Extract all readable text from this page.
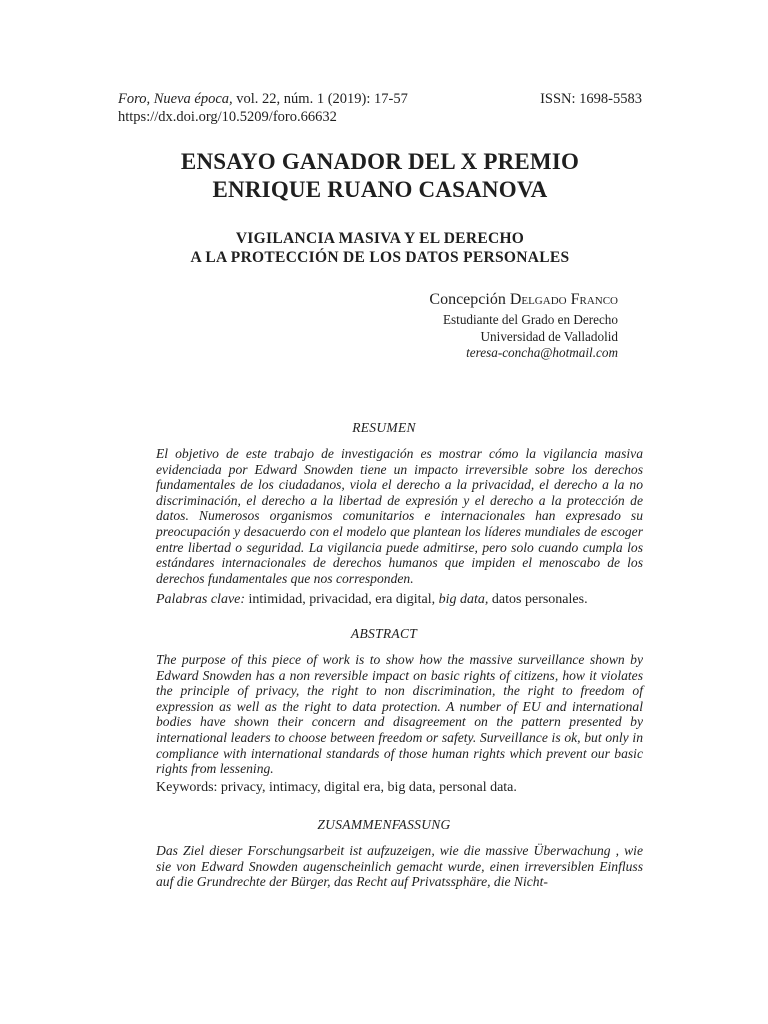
Foro, Nueva época, vol. 22, núm. 1 (2019): 17-57	ISSN: 1698-5583
https://dx.doi.org/10.5209/foro.66632
ENSAYO GANADOR DEL X PREMIO
ENRIQUE RUANO CASANOVA
VIGILANCIA MASIVA Y EL DERECHO
A LA PROTECCIÓN DE LOS DATOS PERSONALES
Concepción Delgado Franco
Estudiante del Grado en Derecho
Universidad de Valladolid
teresa-concha@hotmail.com
RESUMEN
El objetivo de este trabajo de investigación es mostrar cómo la vigilancia masiva evidenciada por Edward Snowden tiene un impacto irreversible sobre los derechos fundamentales de los ciudadanos, viola el derecho a la privacidad, el derecho a la no discriminación, el derecho a la libertad de expresión y el derecho a la protección de datos. Numerosos organismos comunitarios e internacionales han expresado su preocupación y desacuerdo con el modelo que plantean los líderes mundiales de escoger entre libertad o seguridad. La vigilancia puede admitirse, pero solo cuando cumpla los estándares internacionales de derechos humanos que impiden el menoscabo de los derechos fundamentales que nos corresponden.
Palabras clave: intimidad, privacidad, era digital, big data, datos personales.
ABSTRACT
The purpose of this piece of work is to show how the massive surveillance shown by Edward Snowden has a non reversible impact on basic rights of citizens, how it violates the principle of privacy, the right to non discrimination, the right to freedom of expression as well as the right to data protection. A number of EU and international bodies have shown their concern and disagreement on the pattern presented by international leaders to choose between freedom or safety. Surveillance is ok, but only in compliance with international standards of those human rights which prevent our basic rights from lessening.
Keywords: privacy, intimacy, digital era, big data, personal data.
ZUSAMMENFASSUNG
Das Ziel dieser Forschungsarbeit ist aufzuzeigen, wie die massive Überwachung , wie sie von Edward Snowden augenscheinlich gemacht wurde, einen irreversiblen Einfluss auf die Grundrechte der Bürger, das Recht auf Privatssphäre, die Nicht-
